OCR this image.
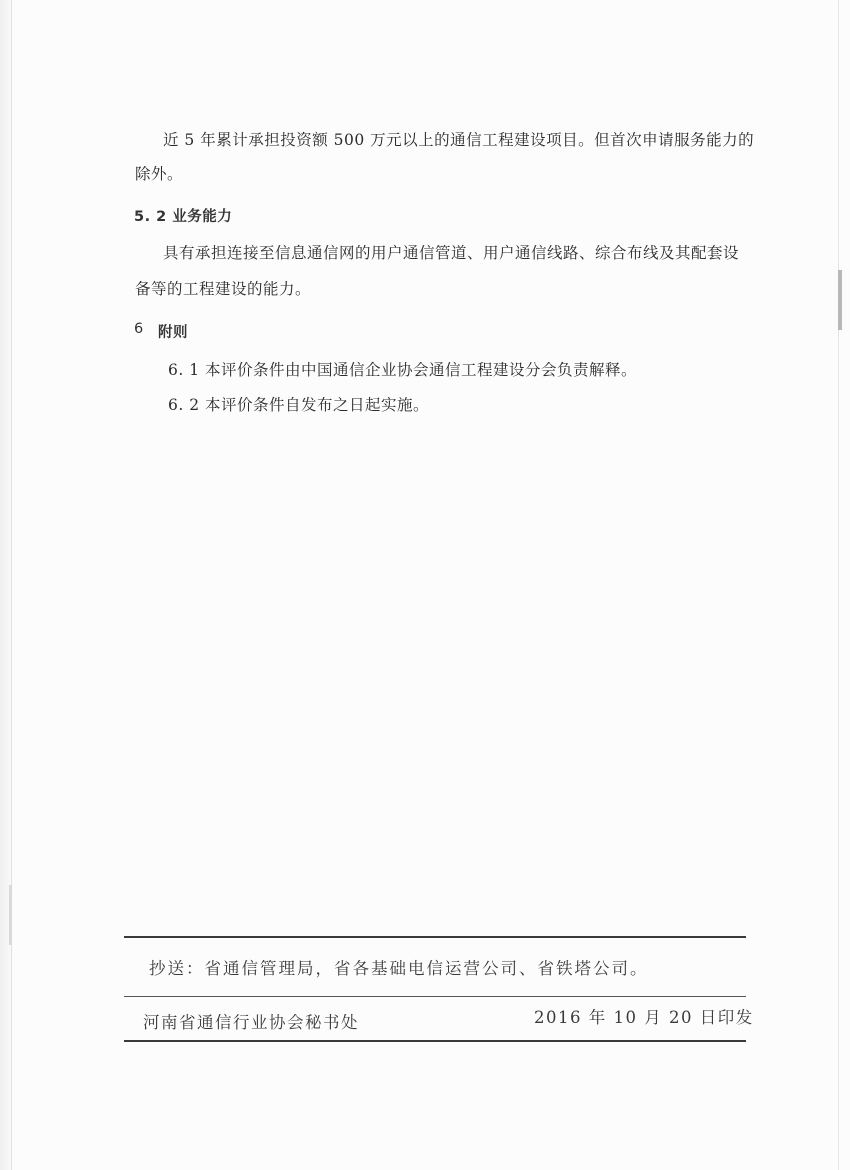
近 5 年累计承担投资额 500 万元以上的通信工程建设项目。但首次申请服务能力的
除外。
5. 2 业务能力
具有承担连接至信息通信网的用户通信管道、用户通信线路、综合布线及其配套设
备等的工程建设的能力。
6 附则
6. 1 本评价条件由中国通信企业协会通信工程建设分会负责解释。
6. 2 本评价条件自发布之日起实施。
抄送：省通信管理局，省各基础电信运营公司、省铁塔公司。
河南省通信行业协会秘书处	2016 年 10 月 20 日印发
